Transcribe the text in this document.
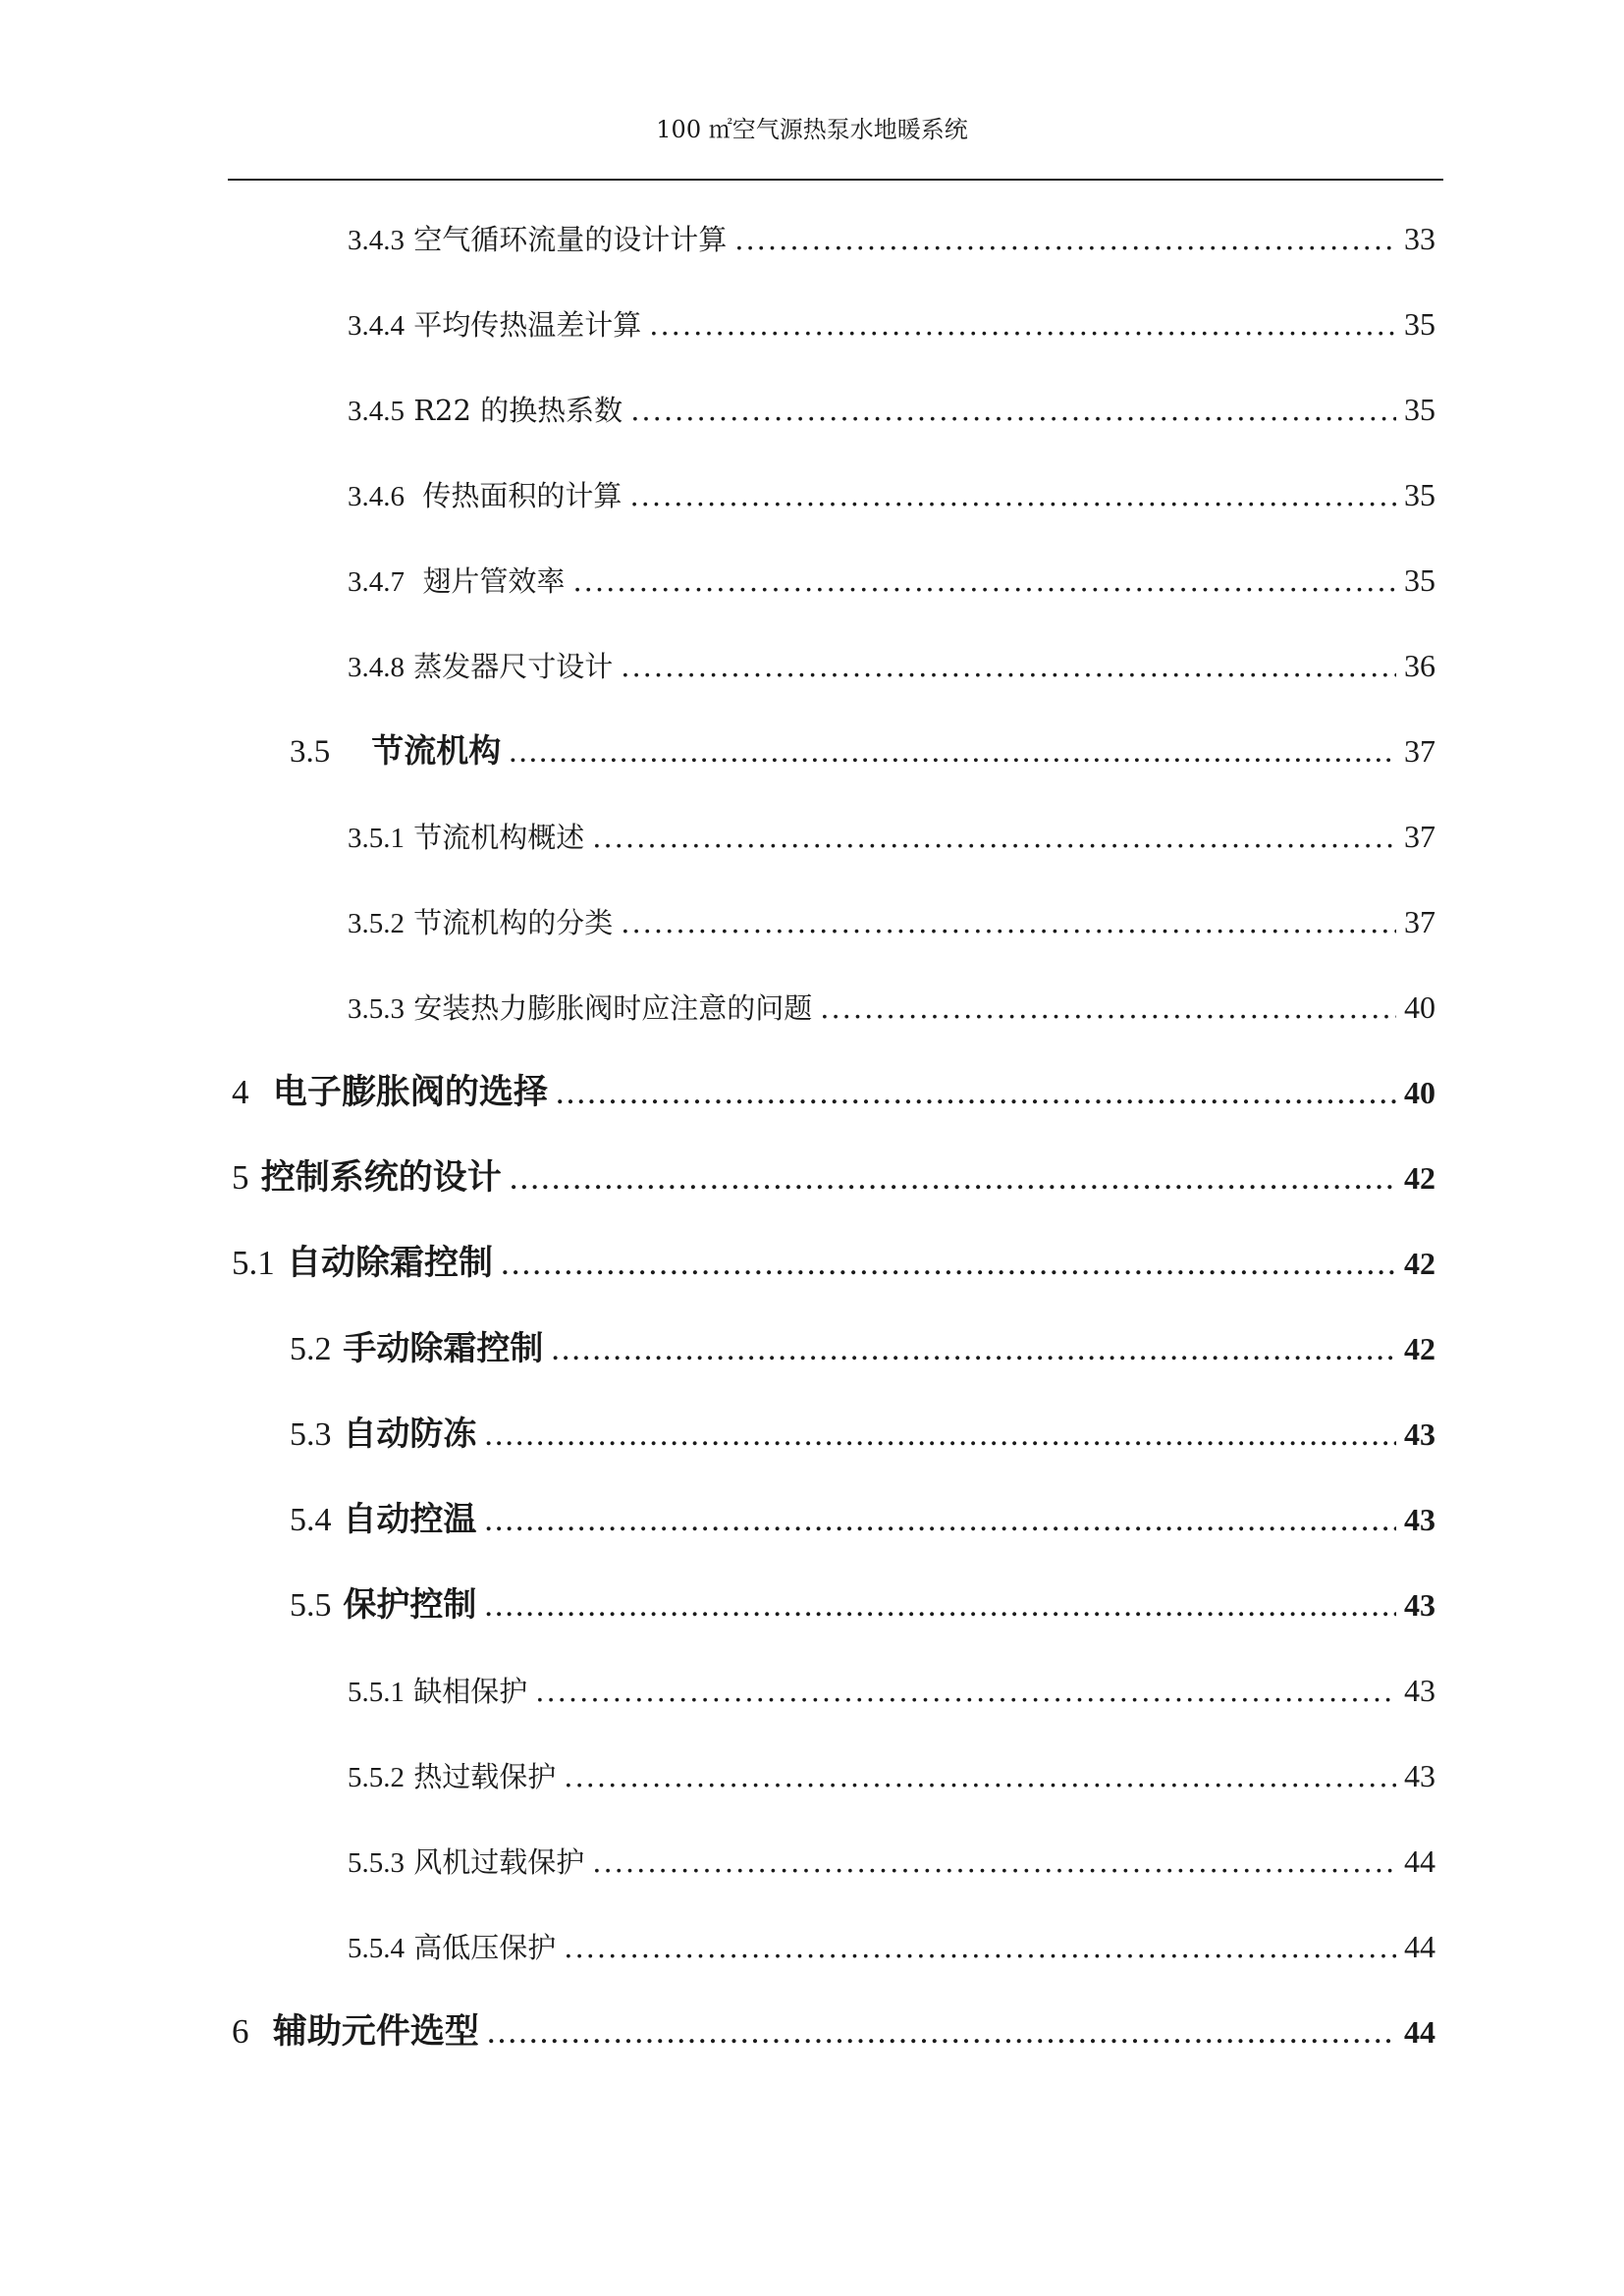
100 ㎡空气源热泵水地暖系统
3.4.3 空气循环流量的设计计算 .....	33
3.4.4 平均传热温差计算 .....	35
3.4.5 R22 的换热系数 .....	35
3.4.6  传热面积的计算 .....	35
3.4.7  翅片管效率 .....	35
3.4.8 蒸发器尺寸设计 .....	36
3.5 节流机构 .....	37
3.5.1 节流机构概述 .....	37
3.5.2 节流机构的分类 .....	37
3.5.3 安装热力膨胀阀时应注意的问题 .....	40
4 电子膨胀阀的选择 .....	40
5 控制系统的设计 .....	42
5.1 自动除霜控制 .....	42
5.2 手动除霜控制 .....	42
5.3 自动防冻 .....	43
5.4 自动控温 .....	43
5.5 保护控制 .....	43
5.5.1 缺相保护 .....	43
5.5.2 热过载保护 .....	43
5.5.3 风机过载保护 .....	44
5.5.4 高低压保护 .....	44
6 辅助元件选型 .....	44
